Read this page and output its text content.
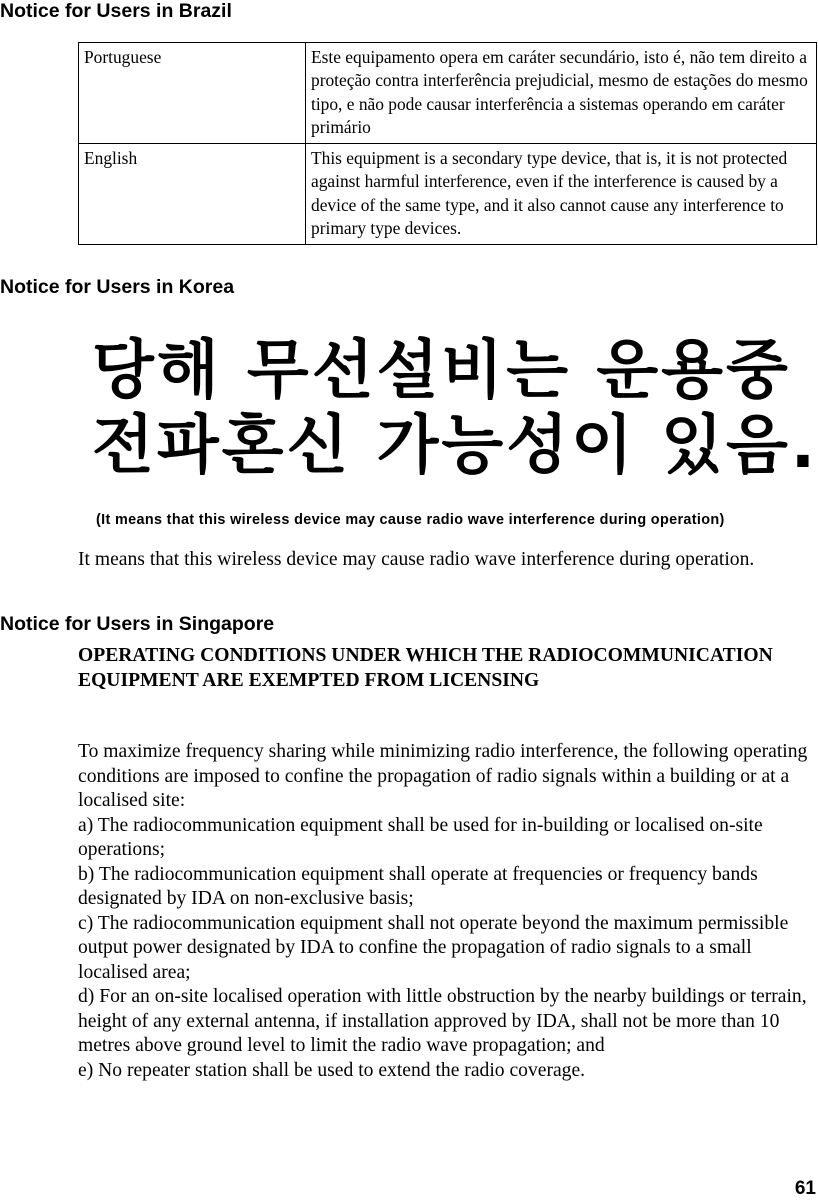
Notice for Users in Brazil
Portuguese	Este equipamento opera em caráter secundário, isto é, não tem direito a proteção contra interferência prejudicial, mesmo de estações do mesmo tipo, e não pode causar interferência a sistemas operando em caráter primário
English	This equipment is a secondary type device, that is, it is not protected against harmful interference, even if the interference is caused by a device of the same type, and it also cannot cause any interference to primary type devices.
Notice for Users in Korea
당해 무선설비는 운용중
전파혼신 가능성이 있음.
(It means that this wireless device may cause radio wave interference during operation)

It means that this wireless device may cause radio wave interference during operation.

Notice for Users in Singapore

OPERATING CONDITIONS UNDER WHICH THE RADIOCOMMUNICATION EQUIPMENT ARE EXEMPTED FROM LICENSING

To maximize frequency sharing while minimizing radio interference, the following operating conditions are imposed to confine the propagation of radio signals within a building or at a localised site:

a) The radiocommunication equipment shall be used for in-building or localised on-site operations;

b) The radiocommunication equipment shall operate at frequencies or frequency bands designated by IDA on non-exclusive basis;

c) The radiocommunication equipment shall not operate beyond the maximum permissible output power designated by IDA to confine the propagation of radio signals to a small localised area;

d) For an on-site localised operation with little obstruction by the nearby buildings or terrain, height of any external antenna, if installation approved by IDA, shall not be more than 10 metres above ground level to limit the radio wave propagation; and

e) No repeater station shall be used to extend the radio coverage.

61
